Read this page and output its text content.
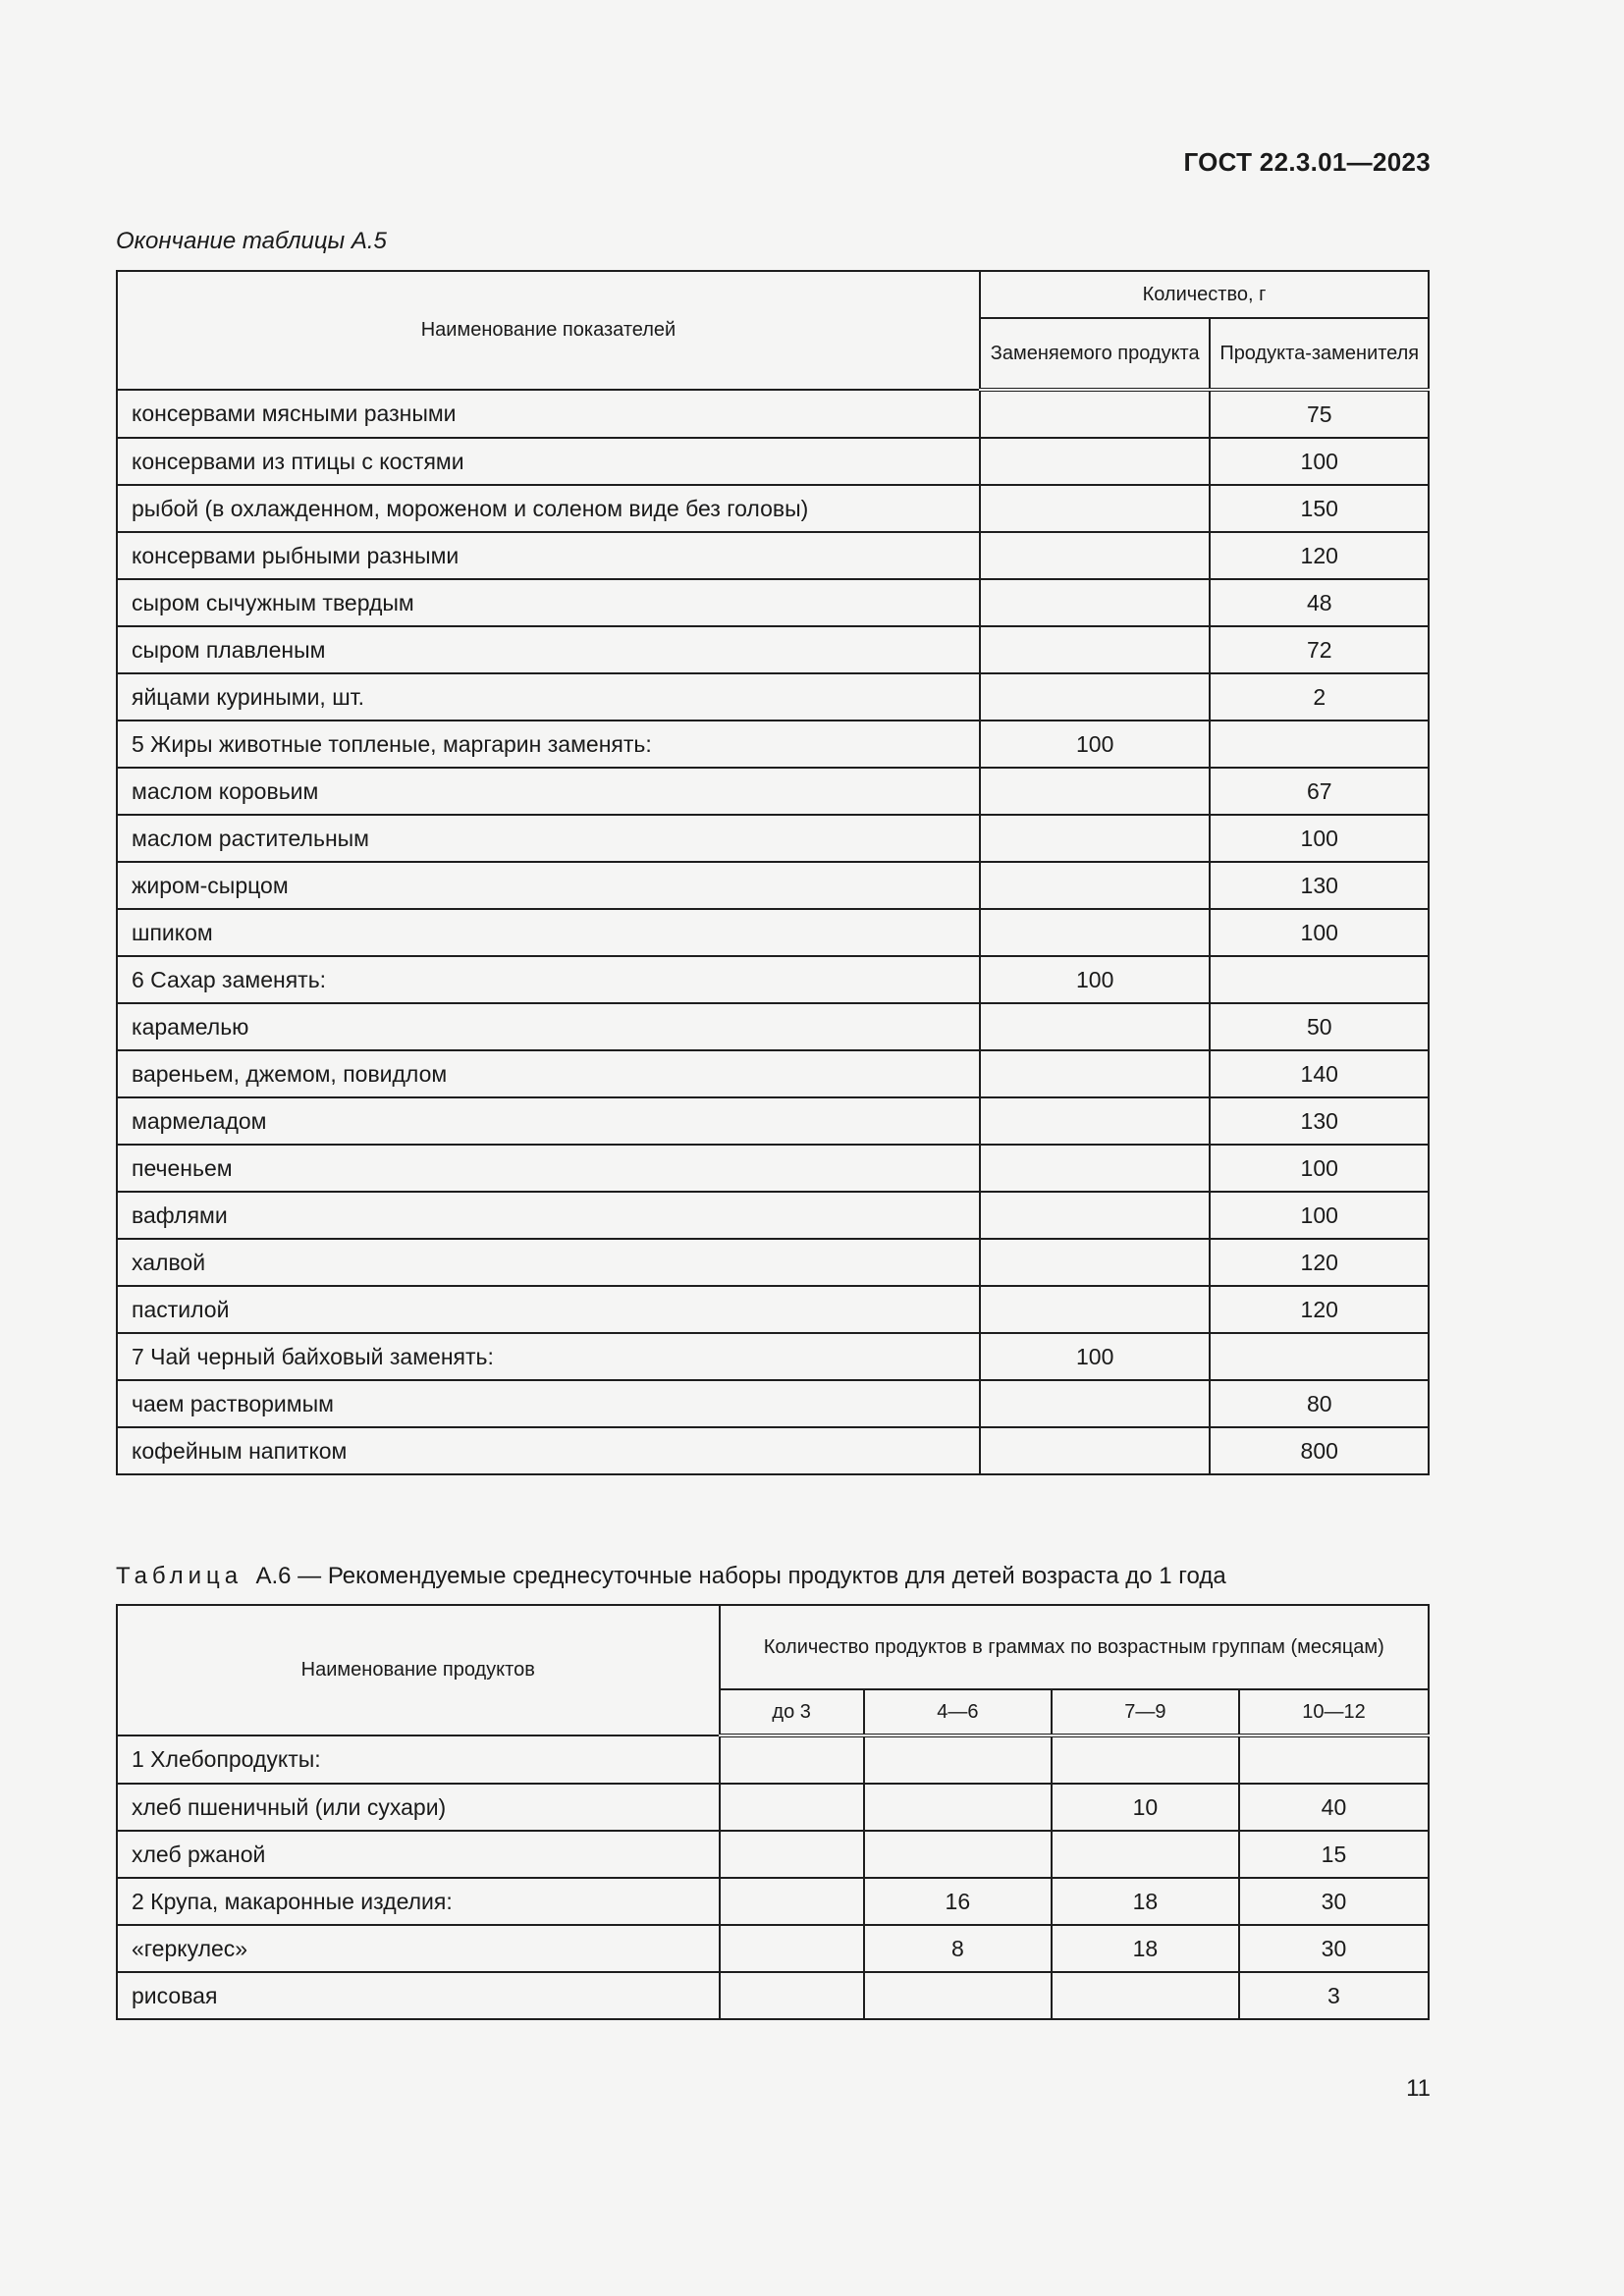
ГОСТ 22.3.01—2023
Окончание таблицы А.5
Наименование показателей	Количество, г	
	Заменяемого продукта	Продукта-заменителя
консервами мясными разными		75
консервами из птицы с костями		100
рыбой (в охлажденном, мороженом и соленом виде без головы)		150
консервами рыбными разными		120
сыром сычужным твердым		48
сыром плавленым		72
яйцами куриными, шт.		2
5 Жиры животные топленые, маргарин заменять:	100	
маслом коровьим		67
маслом растительным		100
жиром-сырцом		130
шпиком		100
6 Сахар заменять:	100	
карамелью		50
вареньем, джемом, повидлом		140
мармеладом		130
печеньем		100
вафлями		100
халвой		120
пастилой		120
7 Чай черный байховый заменять:	100	
чаем растворимым		80
кофейным напитком		800
Таблица А.6 — Рекомендуемые среднесуточные наборы продуктов для детей возраста до 1 года
Наименование продуктов	Количество продуктов в граммах по возрастным группам (месяцам)			
	до 3	4—6	7—9	10—12
1 Хлебопродукты:				
хлеб пшеничный (или сухари)			10	40
хлеб ржаной				15
2 Крупа, макаронные изделия:		16	18	30
«геркулес»		8	18	30
рисовая				3
11
